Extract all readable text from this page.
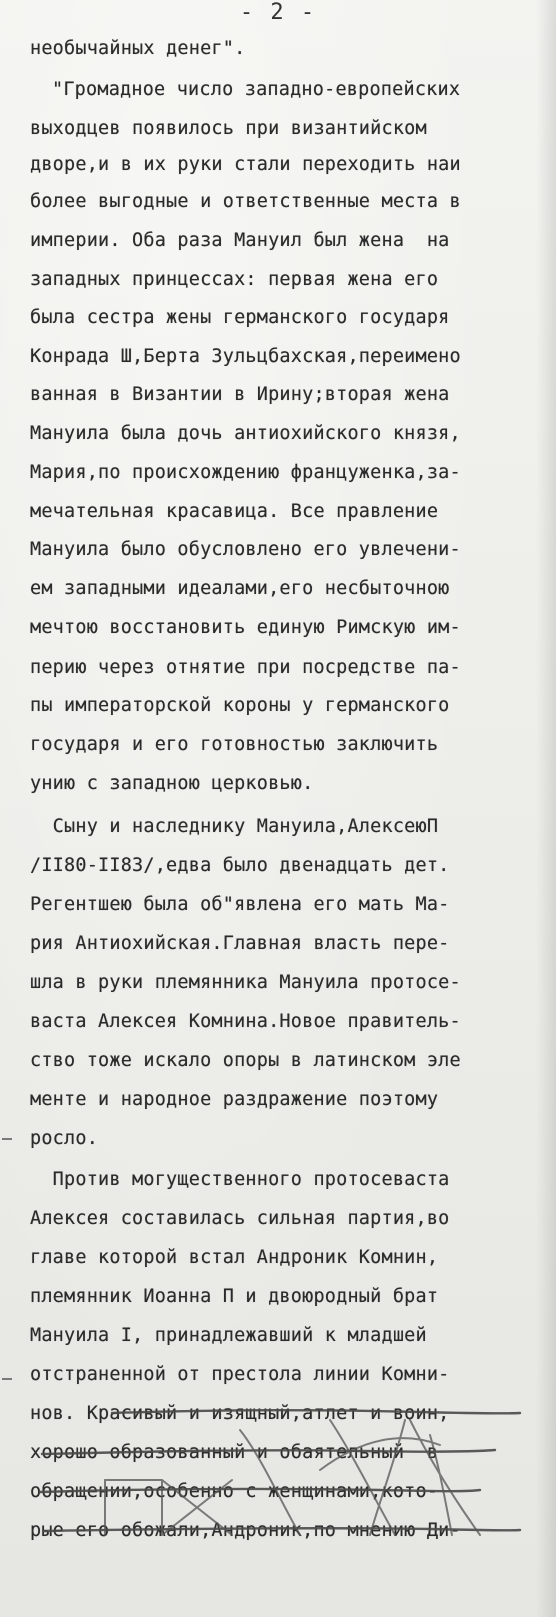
- 2 -
необычайных денег".
"Громадное число западно-европейских
выходцев появилось при византийском
дворе,и в их руки стали переходить наи
более выгодные и ответственные места в
империи. Оба раза Мануил был жена  на
западных принцессах: первая жена его
была сестра жены германского государя
Конрада Ш,Берта Зульцбахская,переимено
ванная в Византии в Ирину;вторая жена
Мануила была дочь антиохийского князя,
Мария,по происхождению француженка,за-
мечательная красавица. Все правление
Мануила было обусловлено его увлечени-
ем западными идеалами,его несбыточною
мечтою восстановить единую Римскую им-
перию через отнятие при посредстве па-
пы императорской короны у германского
государя и его готовностью заключить
унию с западною церковью.
Сыну и наследнику Мануила,АлексеюП
/II80-II83/,едва было двенадцать дет.
Регентшею была об"явлена его мать Ма-
рия Антиохийская.Главная власть пере-
шла в руки племянника Мануила протосе-
васта Алексея Комнина.Новое правитель-
ство тоже искало опоры в латинском эле
менте и народное раздражение поэтому
росло.
Против могущественного протосеваста
Алексея составилась сильная партия,во
главе которой встал Андроник Комнин,
племянник Иоанна П и двоюродный брат
Мануила I, принадлежавший к младшей
отстраненной от престола линии Комни-
нов. Красивый и изящный,атлет и воин,
хорошо образованный и обаятельный  в
обращении,особенно с женщинами,кото-
рые его обожали,Андроник,по мнению Ди-
